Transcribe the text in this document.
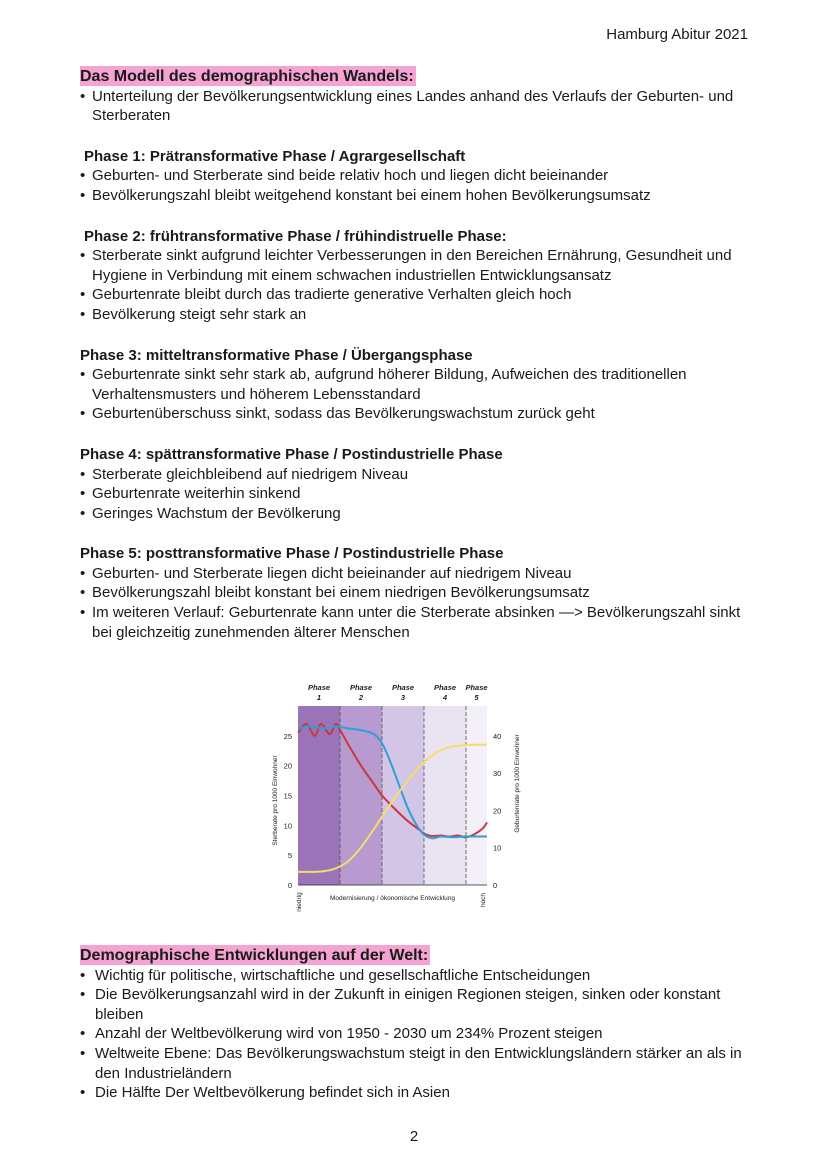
Hamburg Abitur 2021
Das Modell des demographischen Wandels:
• Unterteilung der Bevölkerungsentwicklung eines Landes anhand des Verlaufs der Geburten- und Sterberaten
Phase 1: Prätransformative Phase / Agrargesellschaft
• Geburten- und Sterberate sind beide relativ hoch und liegen dicht beieinander
• Bevölkerungszahl bleibt weitgehend konstant bei einem hohen Bevölkerungsumsatz
Phase 2: frühtransformative Phase / frühindistruelle Phase:
• Sterberate sinkt aufgrund leichter Verbesserungen in den Bereichen Ernährung, Gesundheit und Hygiene in Verbindung mit einem schwachen industriellen Entwicklungsansatz
• Geburtenrate bleibt durch das tradierte generative Verhalten gleich hoch
• Bevölkerung steigt sehr stark an
Phase 3: mitteltransformative Phase / Übergangsphase
• Geburtenrate sinkt sehr stark ab, aufgrund höherer Bildung, Aufweichen des traditionellen Verhaltensmusters und höherem Lebensstandard
• Geburtenüberschuss sinkt, sodass das Bevölkerungswachstum zurück geht
Phase 4: spättransformative Phase / Postindustrielle Phase
• Sterberate gleichbleibend auf niedrigem Niveau
• Geburtenrate weiterhin sinkend
• Geringes Wachstum der Bevölkerung
Phase 5: posttransformative Phase / Postindustrielle Phase
• Geburten- und Sterberate liegen dicht beieinander auf niedrigem Niveau
• Bevölkerungszahl bleibt konstant bei einem niedrigen Bevölkerungsumsatz
• Im weiteren Verlauf: Geburtenrate kann unter die Sterberate absinken —> Bevölkerungszahl sinkt bei gleichzeitig zunehmenden älterer Menschen
Phase
1
Phase
2
Phase
3
Phase
4
Phase
5
0
5
10
15
20
25
0
10
20
30
40
Sterberate pro 1000 Einwohner	Geburtenrate pro 1000 Einwohner
Modernisierung / ökonomische Entwicklung
niedrig	hoch
Demographische Entwicklungen auf der Welt:
• Wichtig für politische, wirtschaftliche und gesellschaftliche Entscheidungen
• Die Bevölkerungsanzahl wird in der Zukunft in einigen Regionen steigen, sinken oder konstant bleiben
• Anzahl der Weltbevölkerung wird von 1950 - 2030 um 234% Prozent steigen
• Weltweite Ebene: Das Bevölkerungswachstum steigt in den Entwicklungsländern stärker an als in den Industrieländern
• Die Hälfte Der Weltbevölkerung befindet sich in Asien
2
